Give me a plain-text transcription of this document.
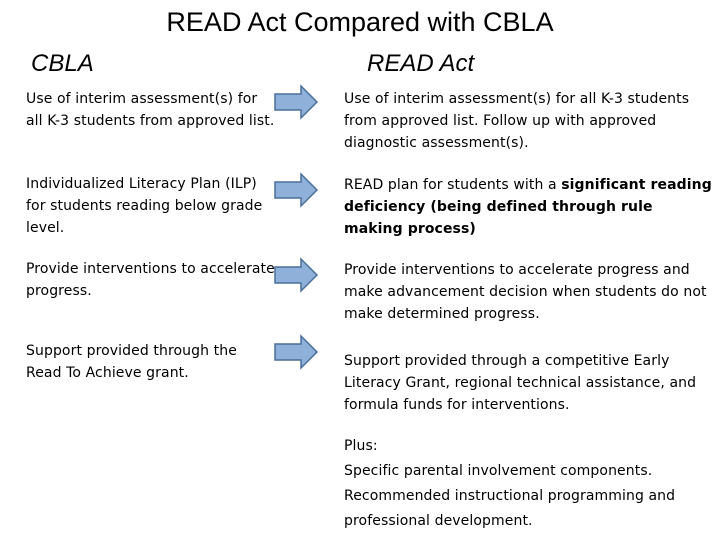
READ Act Compared with CBLA
CBLA	READ Act
Use of interim assessment(s) for all K-3 students from approved list.
Use of interim assessment(s) for all K-3 students from approved list. Follow up with approved diagnostic assessment(s).
Individualized Literacy Plan (ILP) for students reading below grade level.
READ plan for students with a significant reading deficiency (being defined through rule making process)
Provide interventions to accelerate progress.
Provide interventions to accelerate progress and make advancement decision when students do not make determined progress.
Support provided through the Read To Achieve grant.
Support provided through a competitive Early Literacy Grant, regional technical assistance, and formula funds for interventions.
Plus:
Specific parental involvement components.
Recommended instructional programming and professional development.
